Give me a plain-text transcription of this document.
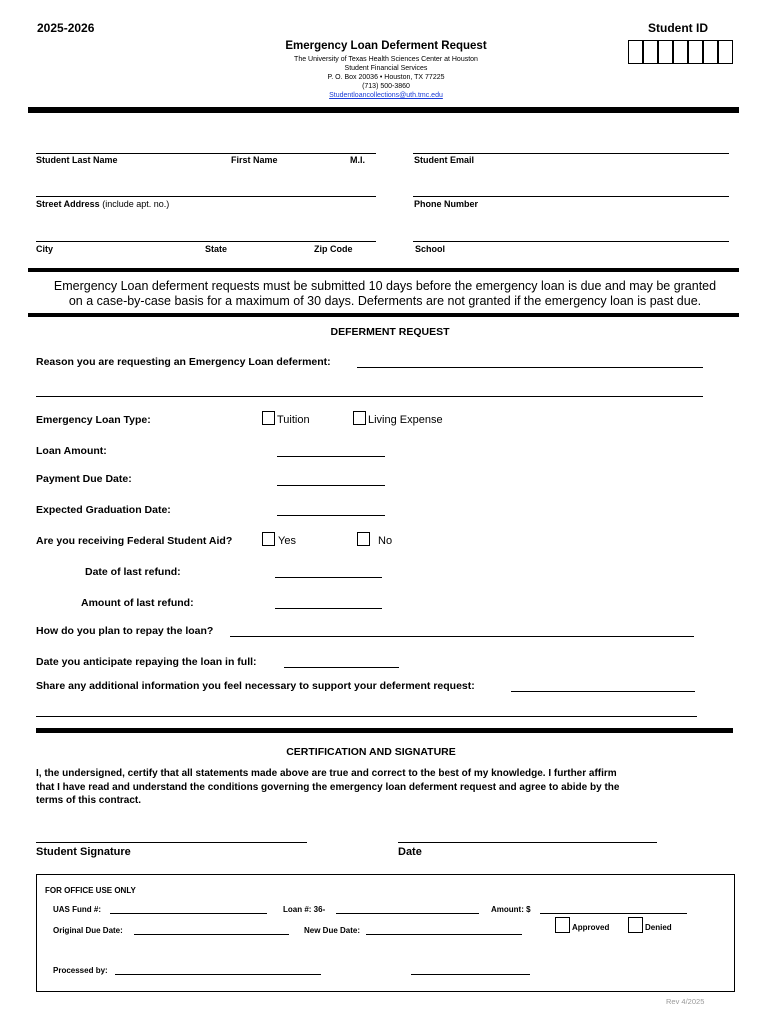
2025-2026	Student ID
Emergency Loan Deferment Request
The University of Texas Health Sciences Center at Houston
Student Financial Services
P. O. Box 20036 • Houston, TX 77225
(713) 500-3860
Studentloancollections@uth.tmc.edu
Student Last Name	First Name	M.I.	Student Email
Street Address (include apt. no.)	Phone Number
City	State	Zip Code	School
Emergency Loan deferment requests must be submitted 10 days before the emergency loan is due and may be granted
on a case-by-case basis for a maximum of 30 days. Deferments are not granted if the emergency loan is past due.
DEFERMENT REQUEST
Reason you are requesting an Emergency Loan deferment:
Emergency Loan Type:	Tuition	Living Expense
Loan Amount:
Payment Due Date:
Expected Graduation Date:
Are you receiving Federal Student Aid?	Yes	No
Date of last refund:
Amount of last refund:
How do you plan to repay the loan?
Date you anticipate repaying the loan in full:
Share any additional information you feel necessary to support your deferment request:
CERTIFICATION AND SIGNATURE
I, the undersigned, certify that all statements made above are true and correct to the best of my knowledge. I further affirm
that I have read and understand the conditions governing the emergency loan deferment request and agree to abide by the
terms of this contract.
Student Signature	Date
FOR OFFICE USE ONLY
UAS Fund #:	Loan #: 36-	Amount: $
Original Due Date:	New Due Date:	Approved	Denied
Processed by:
Rev 4/2025
